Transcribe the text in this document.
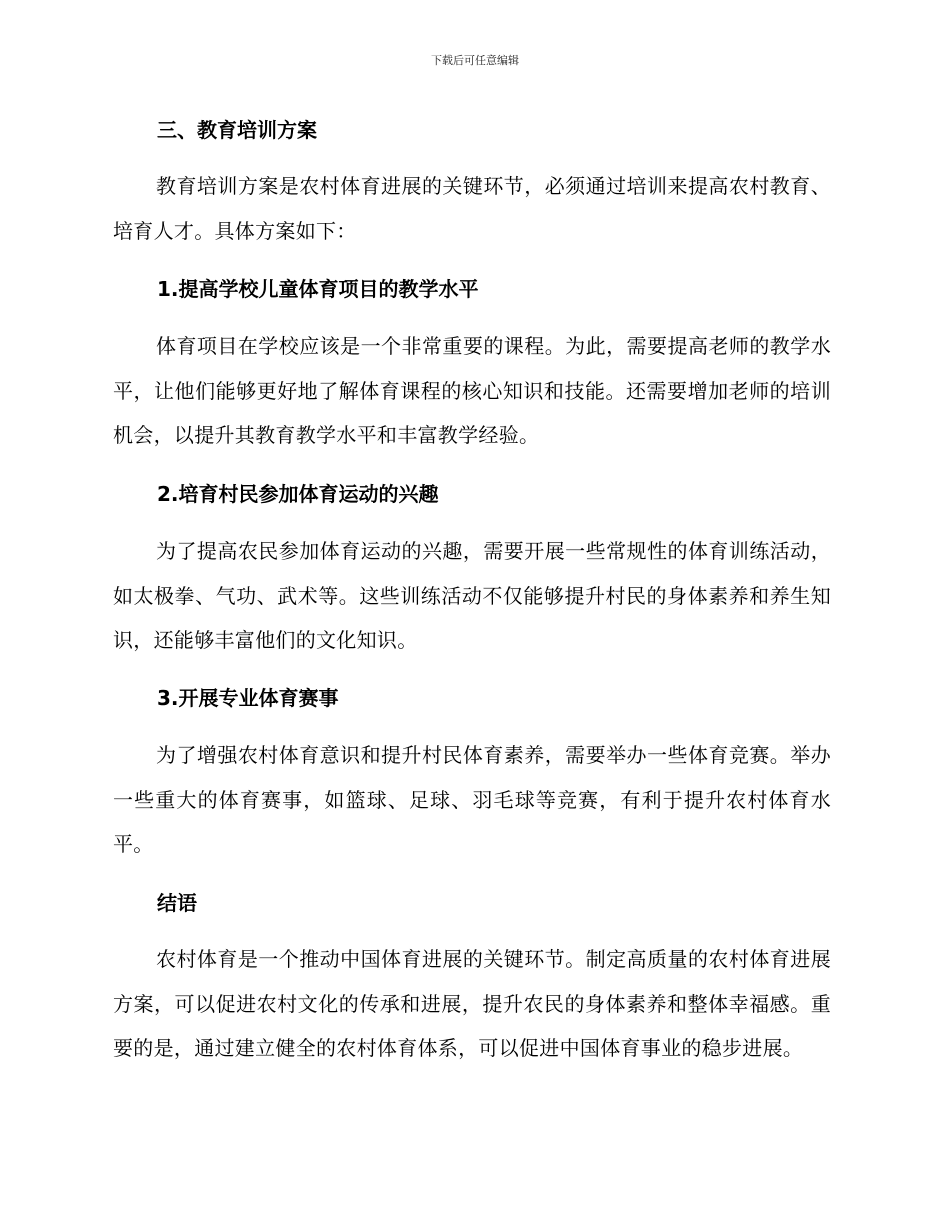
下载后可任意编辑
三、教育培训方案
教育培训方案是农村体育进展的关键环节，必须通过培训来提高农村教育、培育人才。具体方案如下：
1.提高学校儿童体育项目的教学水平
体育项目在学校应该是一个非常重要的课程。为此，需要提高老师的教学水平，让他们能够更好地了解体育课程的核心知识和技能。还需要增加老师的培训机会，以提升其教育教学水平和丰富教学经验。
2.培育村民参加体育运动的兴趣
为了提高农民参加体育运动的兴趣，需要开展一些常规性的体育训练活动，如太极拳、气功、武术等。这些训练活动不仅能够提升村民的身体素养和养生知识，还能够丰富他们的文化知识。
3.开展专业体育赛事
为了增强农村体育意识和提升村民体育素养，需要举办一些体育竞赛。举办一些重大的体育赛事，如篮球、足球、羽毛球等竞赛，有利于提升农村体育水平。
结语
农村体育是一个推动中国体育进展的关键环节。制定高质量的农村体育进展方案，可以促进农村文化的传承和进展，提升农民的身体素养和整体幸福感。重要的是，通过建立健全的农村体育体系，可以促进中国体育事业的稳步进展。
